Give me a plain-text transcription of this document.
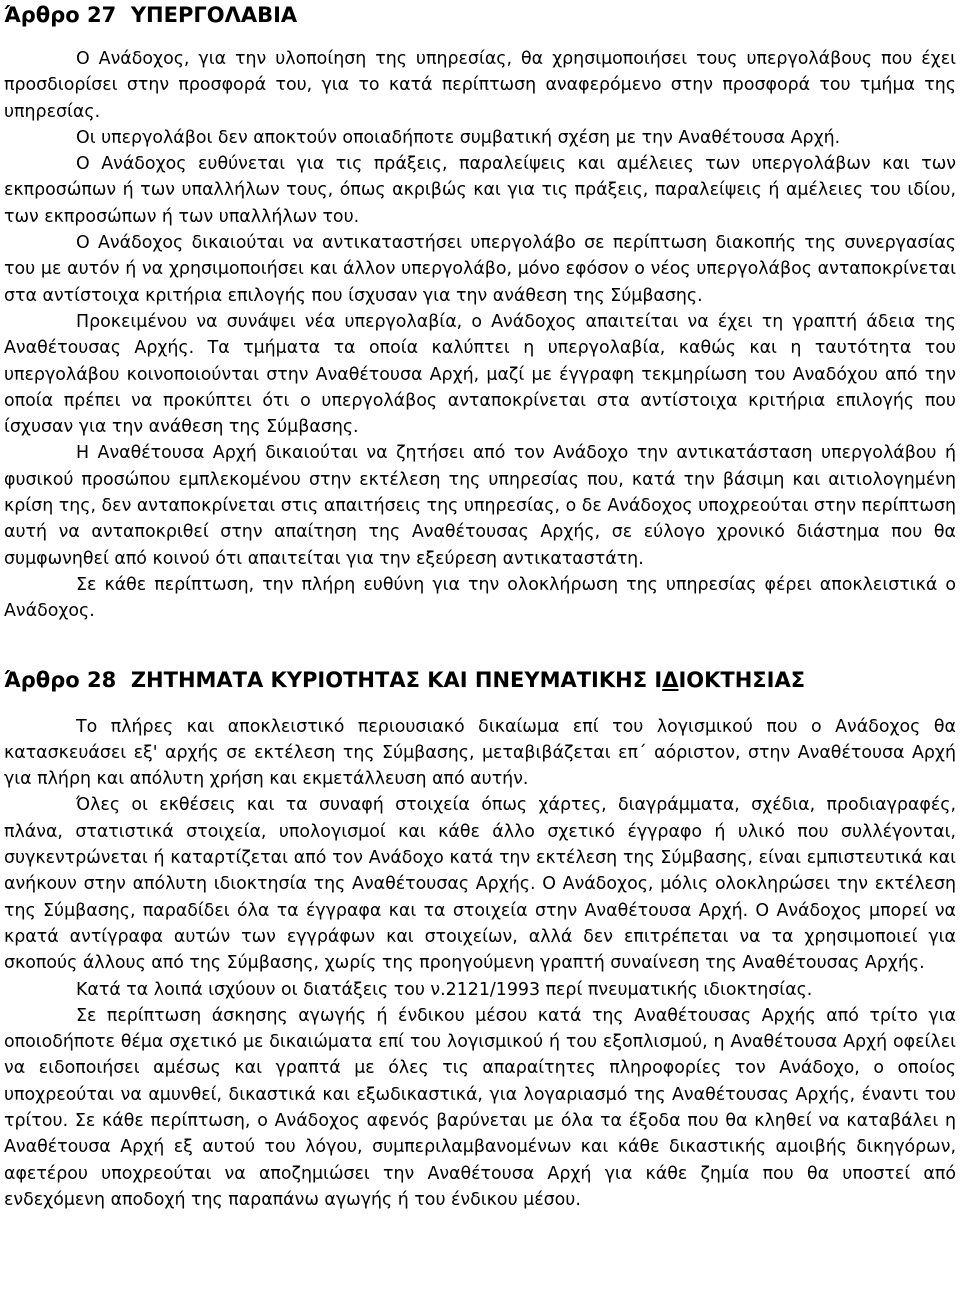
Άρθρο 27  ΥΠΕΡΓΟΛΑΒΙΑ

Ο Ανάδοχος, για την υλοποίηση της υπηρεσίας, θα χρησιμοποιήσει τους υπεργολάβους που έχει προσδιορίσει στην προσφορά του, για το κατά περίπτωση αναφερόμενο στην προσφορά του τμήμα της υπηρεσίας.

Οι υπεργολάβοι δεν αποκτούν οποιαδήποτε συμβατική σχέση με την Αναθέτουσα Αρχή.

Ο Ανάδοχος ευθύνεται για τις πράξεις, παραλείψεις και αμέλειες των υπεργολάβων και των εκπροσώπων ή των υπαλλήλων τους, όπως ακριβώς και για τις πράξεις, παραλείψεις ή αμέλειες του ιδίου, των εκπροσώπων ή των υπαλλήλων του.

Ο Ανάδοχος δικαιούται να αντικαταστήσει υπεργολάβο σε περίπτωση διακοπής της συνεργασίας του με αυτόν ή να χρησιμοποιήσει και άλλον υπεργολάβο, μόνο εφόσον ο νέος υπεργολάβος ανταποκρίνεται στα αντίστοιχα κριτήρια επιλογής που ίσχυσαν για την ανάθεση της Σύμβασης.

Προκειμένου να συνάψει νέα υπεργολαβία, ο Ανάδοχος απαιτείται να έχει τη γραπτή άδεια της Αναθέτουσας Αρχής. Τα τμήματα τα οποία καλύπτει η υπεργολαβία, καθώς και η ταυτότητα του υπεργολάβου κοινοποιούνται στην Αναθέτουσα Αρχή, μαζί με έγγραφη τεκμηρίωση του Αναδόχου από την οποία πρέπει να προκύπτει ότι ο υπεργολάβος ανταποκρίνεται στα αντίστοιχα κριτήρια επιλογής που ίσχυσαν για την ανάθεση της Σύμβασης.

Η Αναθέτουσα Αρχή δικαιούται να ζητήσει από τον Ανάδοχο την αντικατάσταση υπεργολάβου ή φυσικού προσώπου εμπλεκομένου στην εκτέλεση της υπηρεσίας που, κατά την βάσιμη και αιτιολογημένη κρίση της, δεν ανταποκρίνεται στις απαιτήσεις της υπηρεσίας, ο δε Ανάδοχος υποχρεούται στην περίπτωση αυτή να ανταποκριθεί στην απαίτηση της Αναθέτουσας Αρχής, σε εύλογο χρονικό διάστημα που θα συμφωνηθεί από κοινού ότι απαιτείται για την εξεύρεση αντικαταστάτη.

Σε κάθε περίπτωση, την πλήρη ευθύνη για την ολοκλήρωση της υπηρεσίας φέρει αποκλειστικά ο Ανάδοχος.

Άρθρο 28  ΖΗΤΗΜΑΤΑ ΚΥΡΙΟΤΗΤΑΣ ΚΑΙ ΠΝΕΥΜΑΤΙΚΗΣ ΙΔΙΟΚΤΗΣΙΑΣ

Το πλήρες και αποκλειστικό περιουσιακό δικαίωμα επί του λογισμικού που ο Ανάδοχος θα κατασκευάσει εξ' αρχής σε εκτέλεση της Σύμβασης, μεταβιβάζεται επ΄ αόριστον, στην Αναθέτουσα Αρχή για πλήρη και απόλυτη χρήση και εκμετάλλευση από αυτήν.

Όλες οι εκθέσεις και τα συναφή στοιχεία όπως χάρτες, διαγράμματα, σχέδια, προδιαγραφές, πλάνα, στατιστικά στοιχεία, υπολογισμοί και κάθε άλλο σχετικό έγγραφο ή υλικό που συλλέγονται, συγκεντρώνεται ή καταρτίζεται από τον Ανάδοχο κατά την εκτέλεση της Σύμβασης, είναι εμπιστευτικά και ανήκουν στην απόλυτη ιδιοκτησία της Αναθέτουσας Αρχής. Ο Ανάδοχος, μόλις ολοκληρώσει την εκτέλεση της Σύμβασης, παραδίδει όλα τα έγγραφα και τα στοιχεία στην Αναθέτουσα Αρχή. Ο Ανάδοχος μπορεί να κρατά αντίγραφα αυτών των εγγράφων και στοιχείων, αλλά δεν επιτρέπεται να τα χρησιμοποιεί για σκοπούς άλλους από της Σύμβασης, χωρίς της προηγούμενη γραπτή συναίνεση της Αναθέτουσας Αρχής.

Κατά τα λοιπά ισχύουν οι διατάξεις του ν.2121/1993 περί πνευματικής ιδιοκτησίας.

Σε περίπτωση άσκησης αγωγής ή ένδικου μέσου κατά της Αναθέτουσας Αρχής από τρίτο για οποιοδήποτε θέμα σχετικό με δικαιώματα επί του λογισμικού ή του εξοπλισμού, η Αναθέτουσα Αρχή οφείλει να ειδοποιήσει αμέσως και γραπτά με όλες τις απαραίτητες πληροφορίες τον Ανάδοχο, ο οποίος υποχρεούται να αμυνθεί, δικαστικά και εξωδικαστικά, για λογαριασμό της Αναθέτουσας Αρχής, έναντι του τρίτου. Σε κάθε περίπτωση, ο Ανάδοχος αφενός βαρύνεται με όλα τα έξοδα που θα κληθεί να καταβάλει η Αναθέτουσα Αρχή εξ αυτού του λόγου, συμπεριλαμβανομένων και κάθε δικαστικής αμοιβής δικηγόρων, αφετέρου υποχρεούται να αποζημιώσει την Αναθέτουσα Αρχή για κάθε ζημία που θα υποστεί από ενδεχόμενη αποδοχή της παραπάνω αγωγής ή του ένδικου μέσου.
